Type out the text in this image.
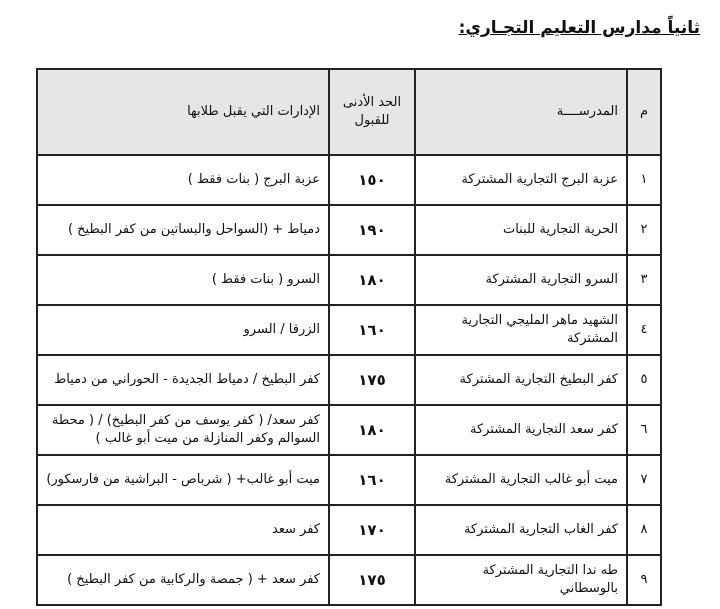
ثانياً مدارس التعليم التجـاري:
م	المدرســــة	الحد الأدنى للقبول	الإدارات التي يقبل طلابها
١	عزبة البرج التجارية المشتركة	١٥٠	عزبة البرج ( بنات فقط )
٢	الحرية التجارية للبنات	١٩٠	دمياط + (السواحل والبساتين من كفر البطيخ )
٣	السرو التجارية المشتركة	١٨٠	السرو ( بنات فقط )
٤	الشهيد ماهر المليجي التجارية المشتركة	١٦٠	الزرقا / السرو
٥	كفر البطيخ التجارية المشتركة	١٧٥	كفر البطيخ / دمياط الجديدة - الحوراني من دمياط
٦	كفر سعد التجارية المشتركة	١٨٠	كفر سعد/ ( كفر يوسف من كفر البطيخ) / ( محطة السوالم وكفر المنازلة من ميت أبو غالب )
٧	ميت أبو غالب التجارية المشتركة	١٦٠	ميت أبو غالب+ ( شرباص - البراشية من فارسكور)
٨	كفر الغاب التجارية المشتركة	١٧٠	كفر سعد
٩	طه ندا التجارية المشتركة بالوسطاني	١٧٥	كفر سعد + ( جمصة والركابية من كفر البطيخ )
